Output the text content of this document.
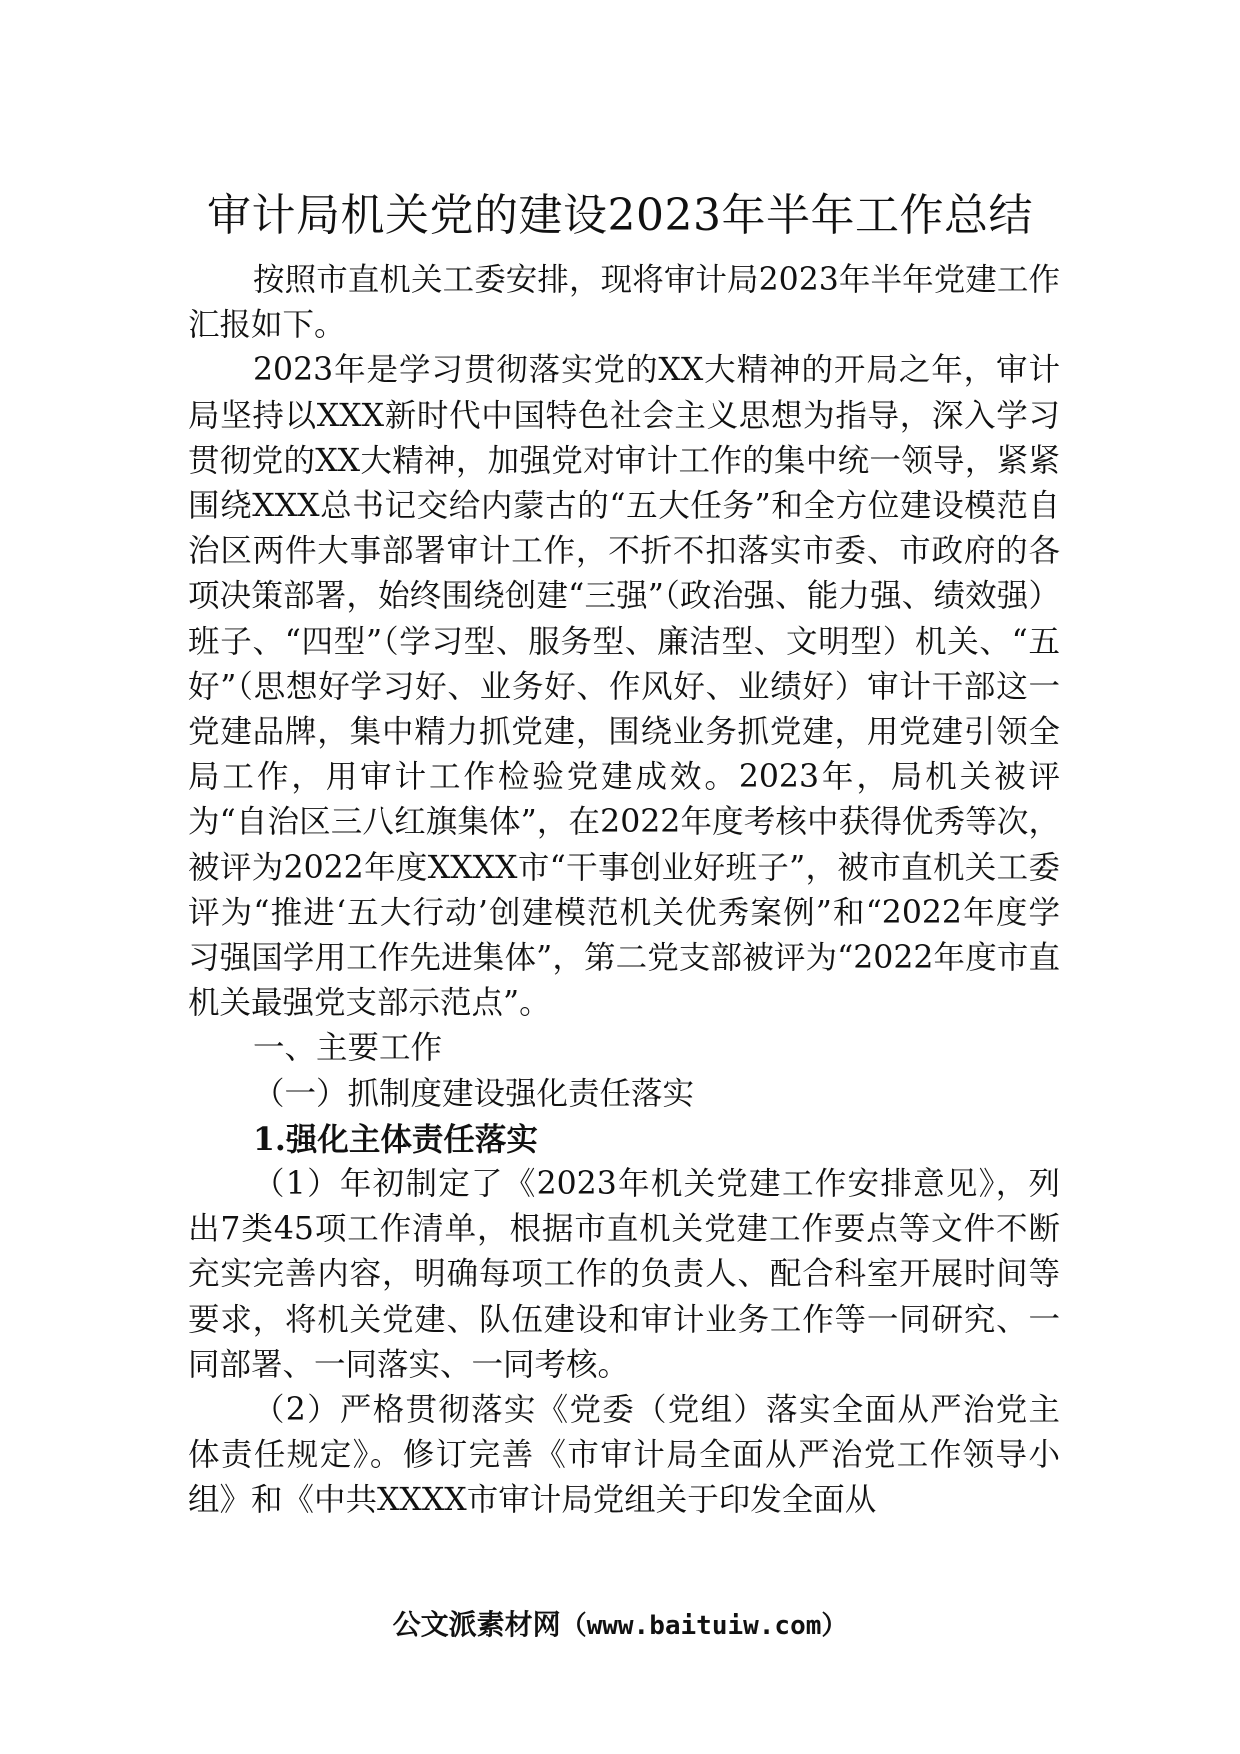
审计局机关党的建设2023年半年工作总结

按照市直机关工委安排，现将审计局2023年半年党建工作汇报如下。

2023年是学习贯彻落实党的XX大精神的开局之年，审计局坚持以XXX新时代中国特色社会主义思想为指导，深入学习贯彻党的XX大精神，加强党对审计工作的集中统一领导，紧紧围绕XXX总书记交给内蒙古的“五大任务”和全方位建设模范自治区两件大事部署审计工作，不折不扣落实市委、市政府的各项决策部署，始终围绕创建“三强”（政治强、能力强、绩效强）班子、“四型”（学习型、服务型、廉洁型、文明型）机关、“五好”（思想好学习好、业务好、作风好、业绩好）审计干部这一党建品牌，集中精力抓党建，围绕业务抓党建，用党建引领全局工作，用审计工作检验党建成效。2023年，局机关被评为“自治区三八红旗集体”，在2022年度考核中获得优秀等次，被评为2022年度XXXX市“干事创业好班子”，被市直机关工委评为“推进‘五大行动’创建模范机关优秀案例”和“2022年度学习强国学用工作先进集体”，第二党支部被评为“2022年度市直机关最强党支部示范点”。

一、主要工作

（一）抓制度建设强化责任落实

1.强化主体责任落实

（1）年初制定了《2023年机关党建工作安排意见》，列出7类45项工作清单，根据市直机关党建工作要点等文件不断充实完善内容，明确每项工作的负责人、配合科室开展时间等要求，将机关党建、队伍建设和审计业务工作等一同研究、一同部署、一同落实、一同考核。

（2）严格贯彻落实《党委（党组）落实全面从严治党主体责任规定》。修订完善《市审计局全面从严治党工作领导小组》和《中共XXXX市审计局党组关于印发全面从

公文派素材网（www.baituiw.com）
